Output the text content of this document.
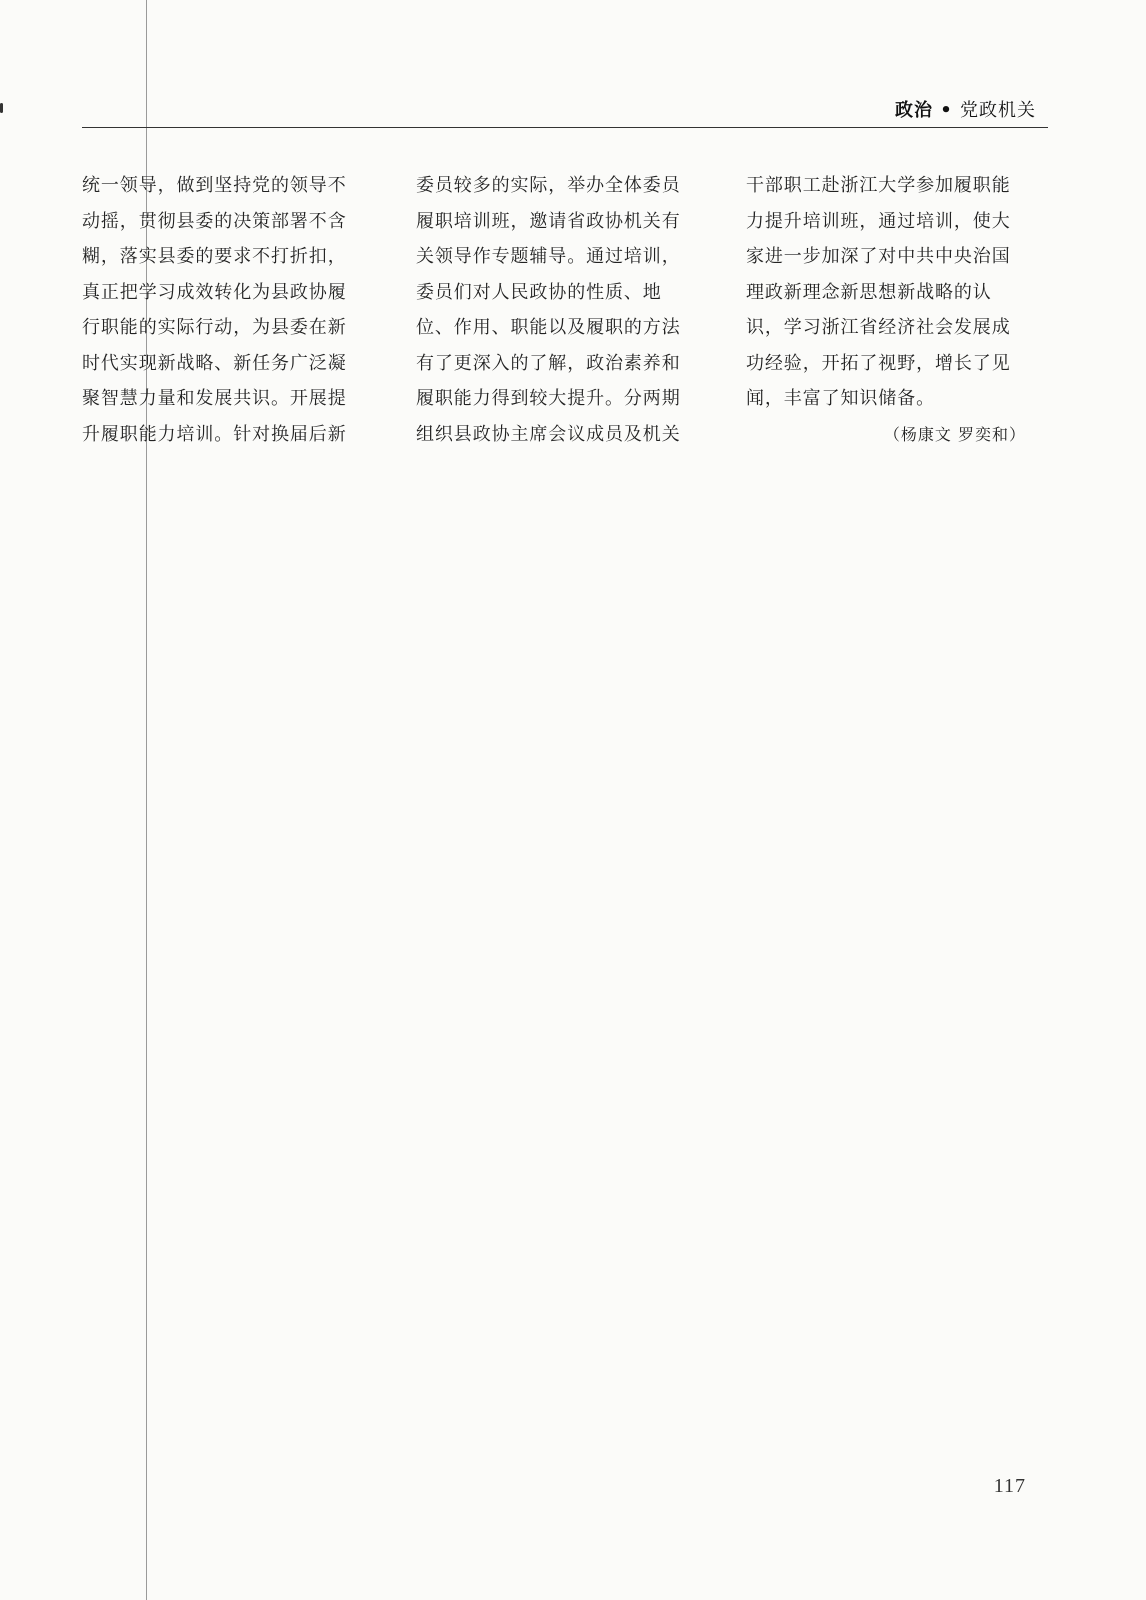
政治 • 党政机关
统一领导，做到坚持党的领导不
动摇，贯彻县委的决策部署不含
糊，落实县委的要求不打折扣，
真正把学习成效转化为县政协履
行职能的实际行动，为县委在新
时代实现新战略、新任务广泛凝
聚智慧力量和发展共识。开展提
升履职能力培训。针对换届后新
委员较多的实际，举办全体委员
履职培训班，邀请省政协机关有
关领导作专题辅导。通过培训，
委员们对人民政协的性质、地
位、作用、职能以及履职的方法
有了更深入的了解，政治素养和
履职能力得到较大提升。分两期
组织县政协主席会议成员及机关
干部职工赴浙江大学参加履职能
力提升培训班，通过培训，使大
家进一步加深了对中共中央治国
理政新理念新思想新战略的认
识，学习浙江省经济社会发展成
功经验，开拓了视野，增长了见
闻，丰富了知识储备。
（杨康文 罗奕和）
117
